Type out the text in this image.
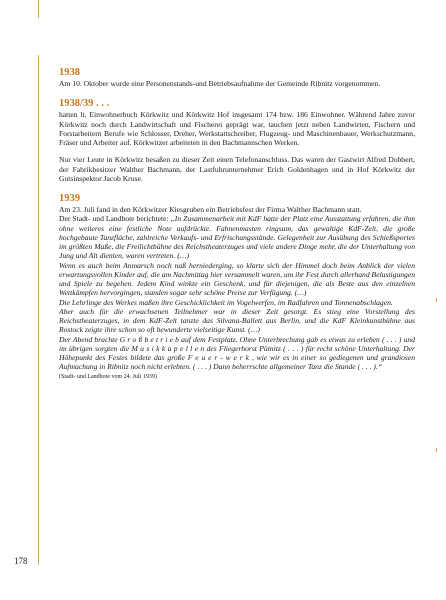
1938

Am 10. Oktober wurde eine Personenstands-und Betriebsaufnahme der Gemeinde Ribnitz vorgenommen.

1938/39 . . .

hatten lt. Einwohnerbuch Körkwitz und Körkwitz Hof insgesamt 174 bzw. 186 Einwohner. Während Jahre zuvor Körkwitz noch durch Landwirtschaft und Fischerei geprägt war, tauchen jetzt neben Landwirten, Fischern und Forstarbeitern Berufe wie Schlosser, Dreher, Werkstattschreiber, Flugzeug- und Maschinenbauer, Werkschutzmann, Fräser und Arbeiter auf. Körkwitzer arbeiteten in den Bachmannschen Werken.

Nur vier Leute in Körkwitz besaßen zu dieser Zeit einen Telefonanschluss. Das waren der Gastwirt Alfred Dobbert, der Fabrikbesitzer Walther Bachmann, der Lastfuhrunternehmer Erich Goldenhagen und in Hof Körkwitz der Gutsinspektor Jacob Kruse.

1939

Am 23. Juli fand in den Körkwitzer Kiesgruben ein Betriebsfest der Firma Walther Bachmann statt.

Der Stadt- und Landbote berichtete: „In Zusammenarbeit mit KdF hatte der Platz eine Ausstattung erfahren, die ihm ohne weiteres eine festliche Note aufdrückte. Fahnenmasten ringsum, das gewaltige KdF-Zelt, die große hochgebaute Tanzfläche, zahlreiche Verkaufs- und Erfrischungsstände. Gelegenheit zur Ausübung des Schießsportes im größten Maße, die Freilichtbühne des Reichstheaterzuges und viele andere Dinge mehr, die der Unterhaltung von Jung und Alt dienten, waren vertreten. (…)

Wenn es auch beim Anmarsch noch naß herniederging, so klarte sich der Himmel doch beim Anblick der vielen erwartungsvollen Kinder auf, die am Nachmittag hier versammelt waren, um ihr Fest durch allerhand Belustigungen und Spiele zu begehen. Jedem Kind winkte ein Geschenk, und für diejenigen, die als Beste aus den einzelnen Wettkämpfen hervorgingen, standen sogar sehr schöne Preise zur Verfügung. (…)

Die Lehrlinge des Werkes maßen ihre Geschicklichkeit im Vogelwerfen, im Radfahren und Tonnenabschlagen.

Aber auch für die erwachsenen Teilnehmer war in dieser Zeit gesorgt. Es stieg eine Vorstellung des Reichstheaterzuges, in dem KdF-Zelt tanzte das Silvana-Ballett aus Berlin, und die KdF Kleinkunstbühne aus Rostock zeigte ihre schon so oft bewunderte vielseitige Kunst. (…)

Der Abend brachte G r o ß b e t r i e b auf dem Festplatz. Ohne Unterbrechung gab es etwas zu erleben ( . . . ) und im übrigen sorgten die M u s i k k a p e l l e n des Fliegerhorst Pütnitz ( . . . ) für recht schöne Unterhaltung. Der Höhepunkt des Festes bildete das große F e u e r - w e r k , wie wir es in einer so gediegenen und grandiosen Aufmachung in Ribnitz noch nicht erlebten. ( . . . ) Dann beherrschte allgemeiner Tanz die Stunde ( . . . ).“

(Stadt- und Landbote vom 24. Juli 1939)

178
